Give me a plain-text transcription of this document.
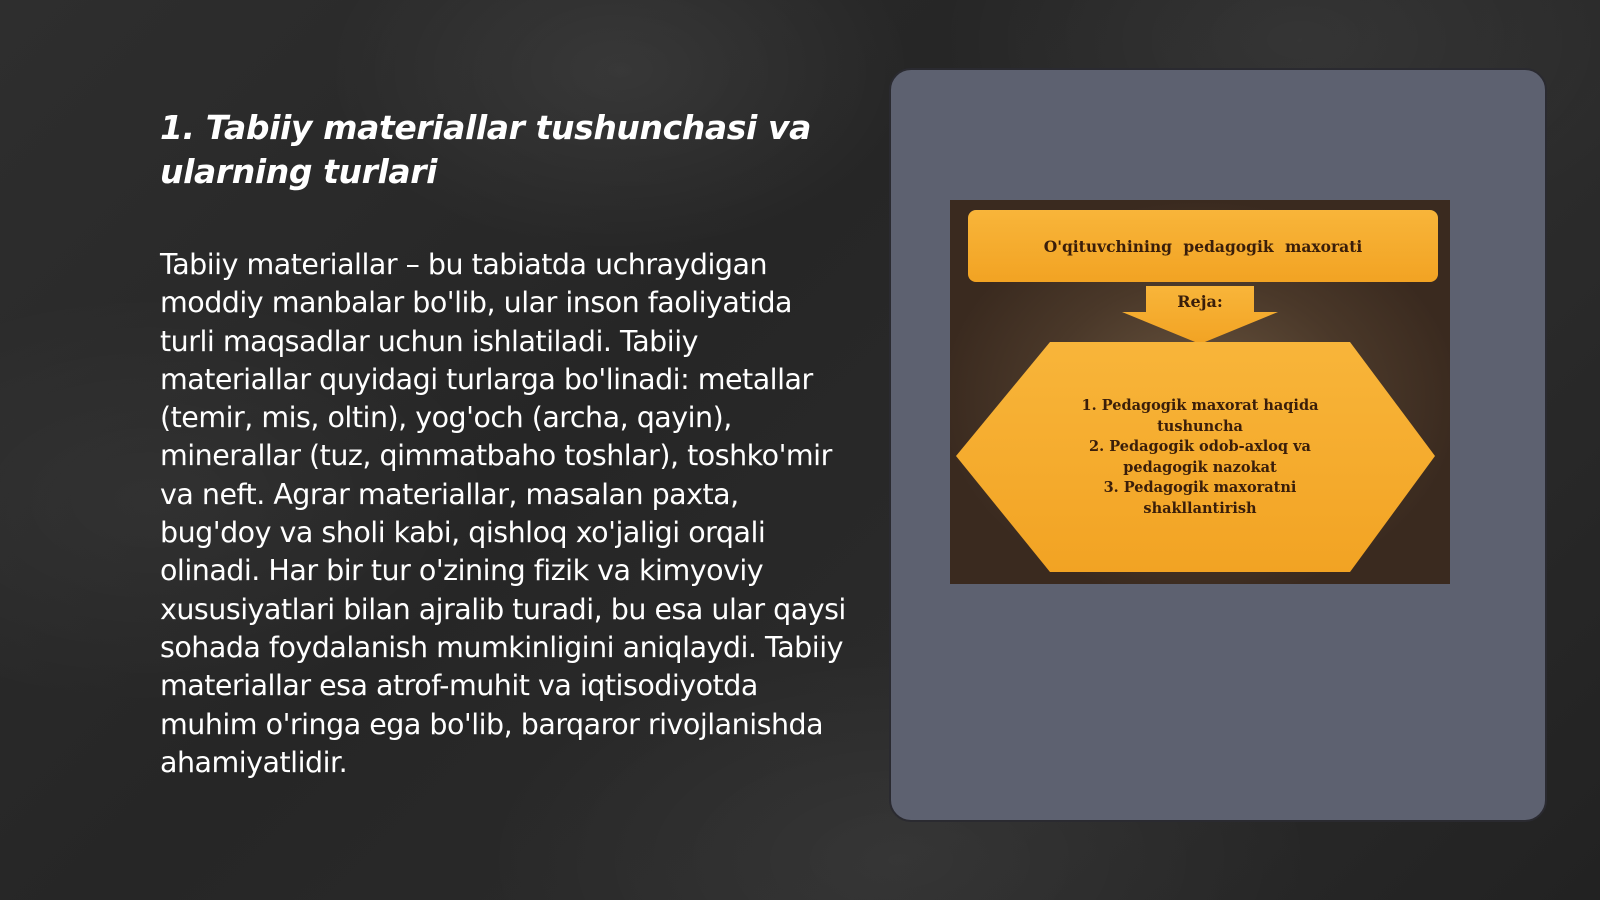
1. Tabiiy materiallar tushunchasi va ularning turlari

Tabiiy materiallar – bu tabiatda uchraydigan moddiy manbalar bo'lib, ular inson faoliyatida turli maqsadlar uchun ishlatiladi. Tabiiy materiallar quyidagi turlarga bo'linadi: metallar (temir, mis, oltin), yog'och (archa, qayin), minerallar (tuz, qimmatbaho toshlar), toshko'mir va neft. Agrar materiallar, masalan paxta, bug'doy va sholi kabi, qishloq xo'jaligi orqali olinadi. Har bir tur o'zining fizik va kimyoviy xususiyatlari bilan ajralib turadi, bu esa ular qaysi sohada foydalanish mumkinligini aniqlaydi. Tabiiy materiallar esa atrof-muhit va iqtisodiyotda muhim o'ringa ega bo'lib, barqaror rivojlanishda ahamiyatlidir.

O'qituvchining pedagogik maxorati
Reja:
1. Pedagogik maxorat haqida tushuncha
2. Pedagogik odob-axloq va pedagogik nazokat
3. Pedagogik maxoratni shakllantirish
